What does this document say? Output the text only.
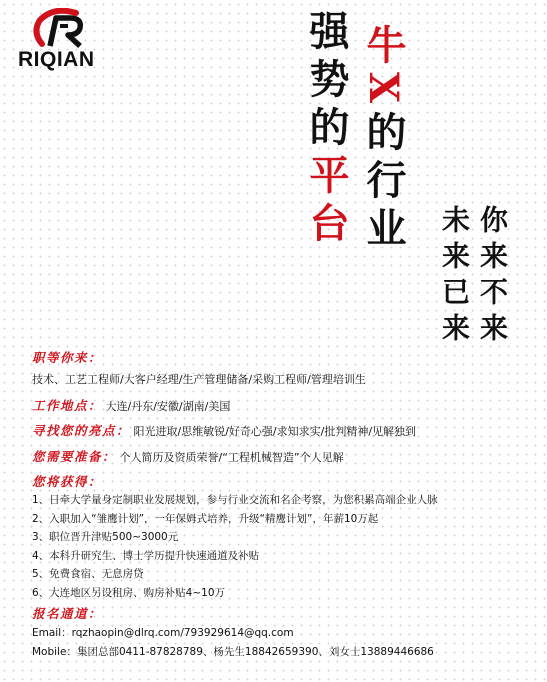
RIQIAN
强势的平台
牛X的行业 你来不来
未来已来
职等你来：
技术、工艺工程师/大客户经理/生产管理储备/采购工程师/管理培训生
工作地点： 大连/丹东/安徽/湖南/美国
寻找您的亮点： 阳光进取/思维敏锐/好奇心强/求知求实/批判精神/见解独到
您需要准备： 个人简历及资质荣誉/“工程机械智造”个人见解
您将获得：
1、日牵大学量身定制职业发展规划，参与行业交流和名企考察，为您积累高端企业人脉
2、入职加入“雏鹰计划”，一年保姆式培养，升级“精鹰计划”，年薪10万起
3、职位晋升津贴500~3000元
4、本科升研究生、博士学历提升快速通道及补贴
5、免费食宿、无息房贷
6、大连地区另设租房、购房补贴4~10万
报名通道：
Email：rqzhaopin@dlrq.com/793929614@qq.com
Mobile：集团总部0411-87828789、杨先生18842659390、刘女士13889446686
